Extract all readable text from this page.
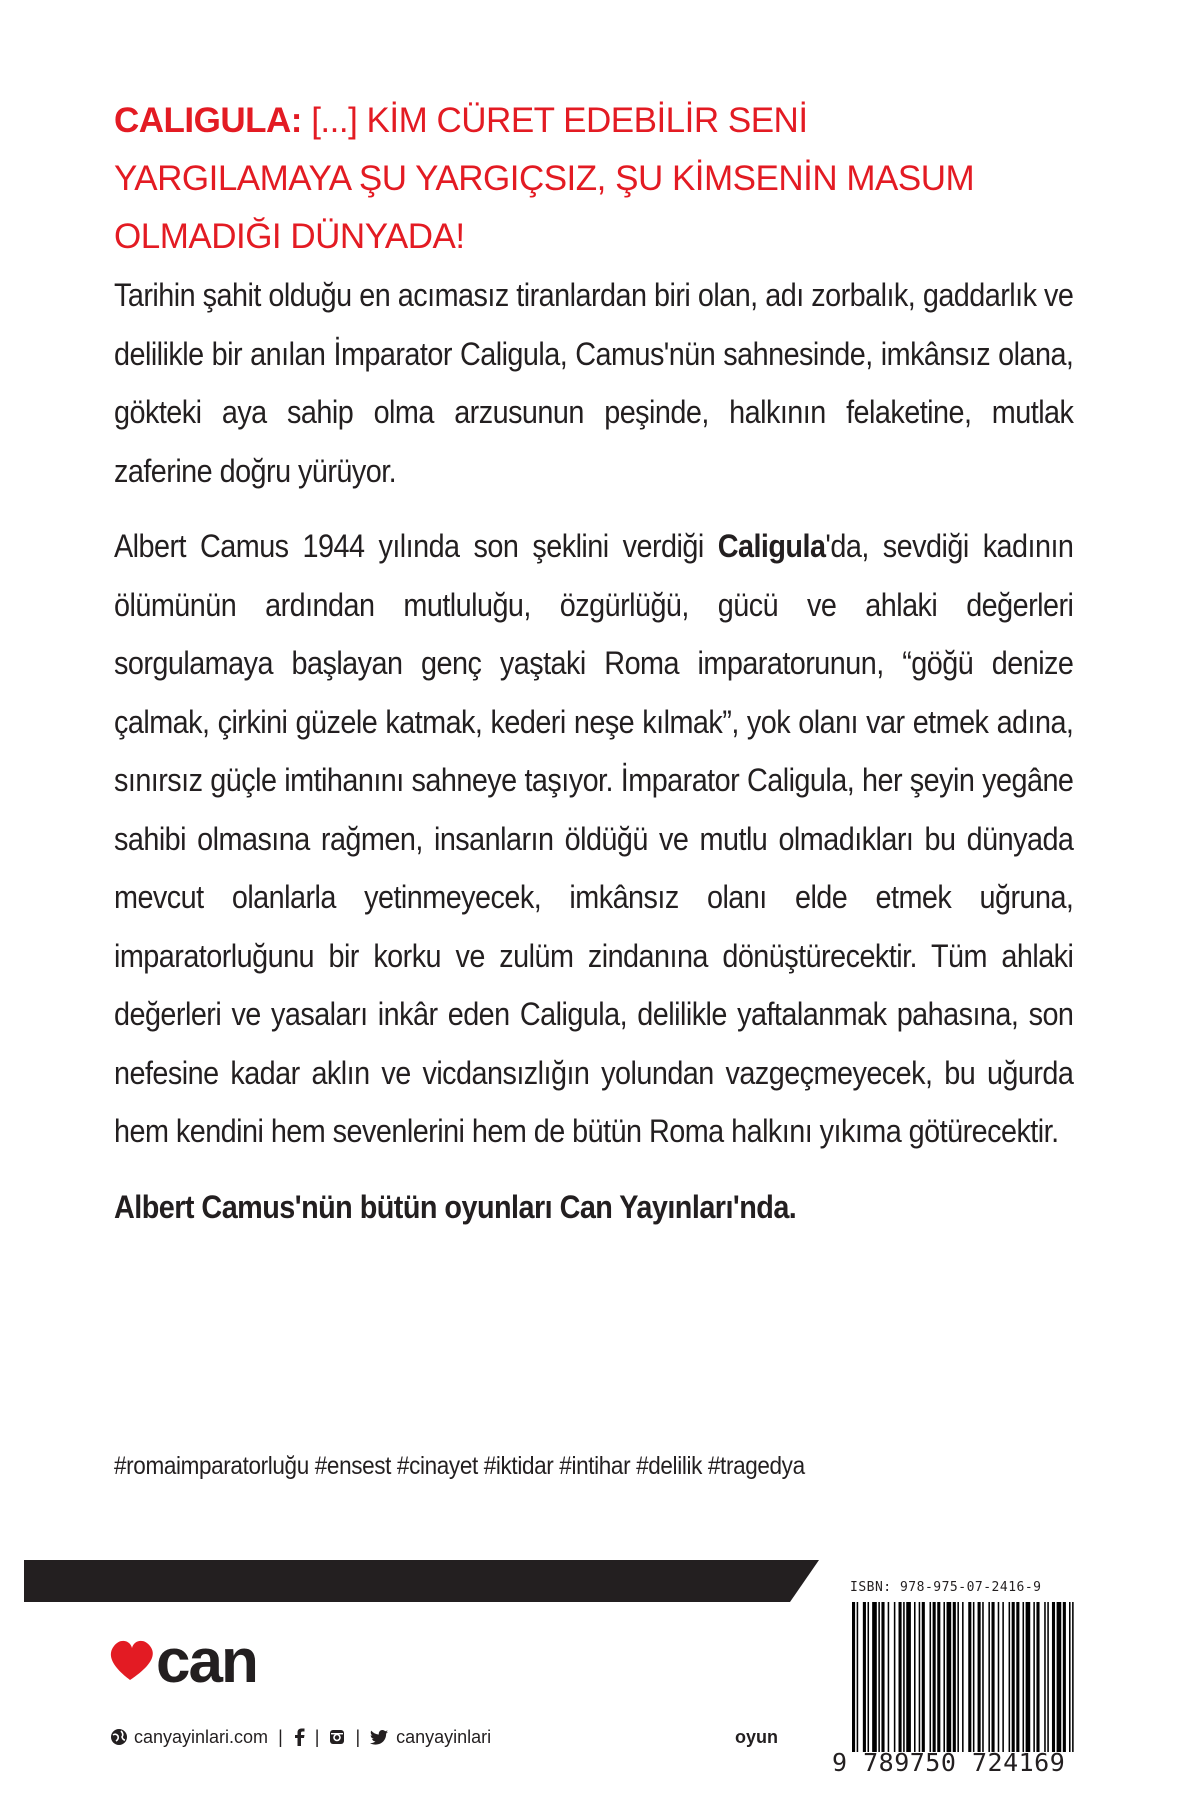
CALIGULA: [...] KİM CÜRET EDEBİLİR SENİ YARGILAMAYA ŞU YARGIÇSIZ, ŞU KİMSENİN MASUM OLMADIĞI DÜNYADA!

Tarihin şahit olduğu en acımasız tiranlardan biri olan, adı zorbalık, gaddarlık ve delilikle bir anılan İmparator Caligula, Camus'nün sahnesinde, imkânsız olana, gökteki aya sahip olma arzusunun peşinde, halkının felaketine, mutlak zaferine doğru yürüyor.

Albert Camus 1944 yılında son şeklini verdiği Caligula'da, sevdiği kadının ölümünün ardından mutluluğu, özgürlüğü, gücü ve ahlaki değerleri sorgulamaya başlayan genç yaştaki Roma imparatorunun, “göğü denize çalmak, çirkini güzele katmak, kederi neşe kılmak”, yok olanı var etmek adına, sınırsız güçle imtihanını sahneye taşıyor. İmparator Caligula, her şeyin yegâne sahibi olmasına rağmen, insanların öldüğü ve mutlu olmadıkları bu dünyada mevcut olanlarla yetinmeyecek, imkânsız olanı elde etmek uğruna, imparatorluğunu bir korku ve zulüm zindanına dönüştürecektir. Tüm ahlaki değerleri ve yasaları inkâr eden Caligula, delilikle yaftalanmak pahasına, son nefesine kadar aklın ve vicdansızlığın yolundan vazgeçmeyecek, bu uğurda hem kendini hem sevenlerini hem de bütün Roma halkını yıkıma götürecektir.

Albert Camus'nün bütün oyunları Can Yayınları'nda.

#romaimparatorluğu #ensest #cinayet #iktidar #intihar #delilik #tragedya
can
canyayinlari.com | | | canyayinlari	oyun
ISBN: 978-975-07-2416-9
9 789750 724169
